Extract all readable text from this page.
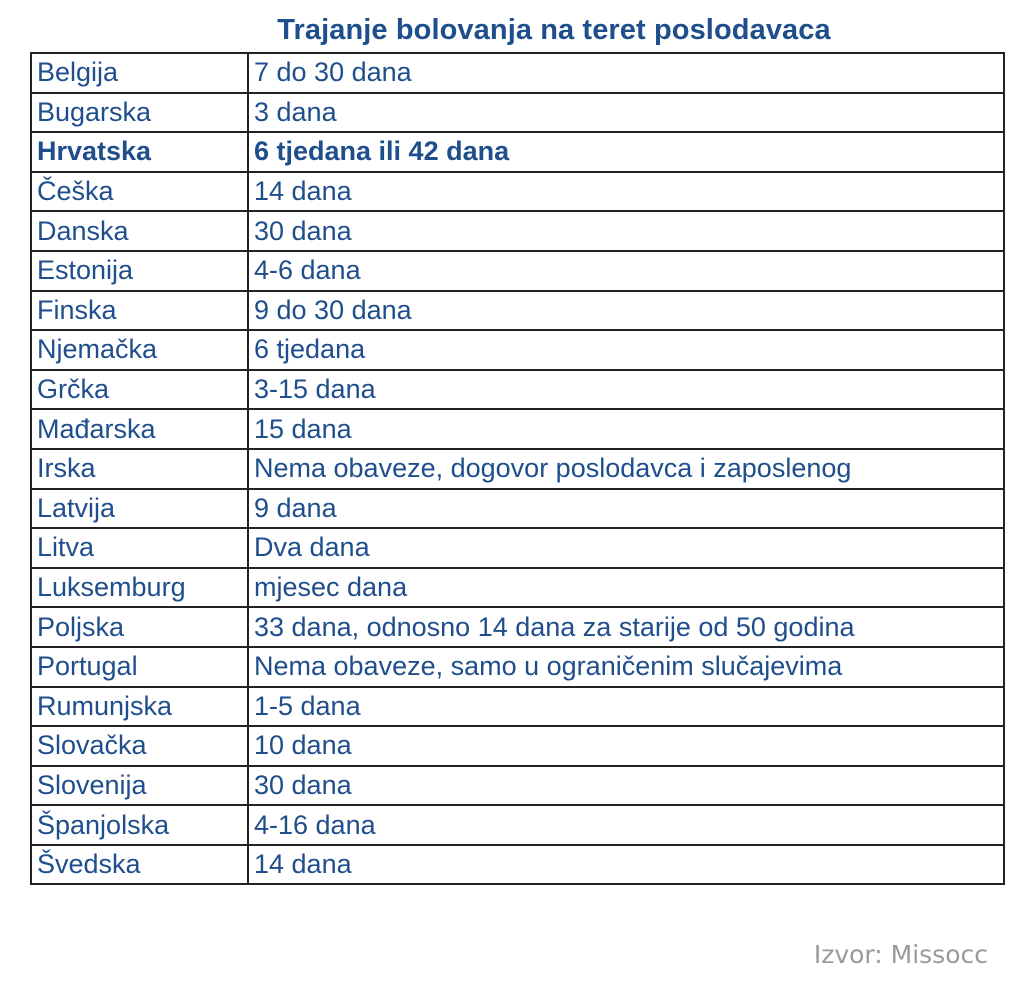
Trajanje bolovanja na teret poslodavaca
Belgija	7 do 30 dana
Bugarska	3 dana
Hrvatska	6 tjedana ili 42 dana
Češka	14 dana
Danska	30 dana
Estonija	4-6 dana
Finska	9 do 30 dana
Njemačka	6 tjedana
Grčka	3-15 dana
Mađarska	15 dana
Irska	Nema obaveze, dogovor poslodavca i zaposlenog
Latvija	9 dana
Litva	Dva dana
Luksemburg	mjesec dana
Poljska	33 dana, odnosno 14 dana za starije od 50 godina
Portugal	Nema obaveze, samo u ograničenim slučajevima
Rumunjska	1-5 dana
Slovačka	10 dana
Slovenija	30 dana
Španjolska	4-16 dana
Švedska	14 dana
Izvor: Missocc
